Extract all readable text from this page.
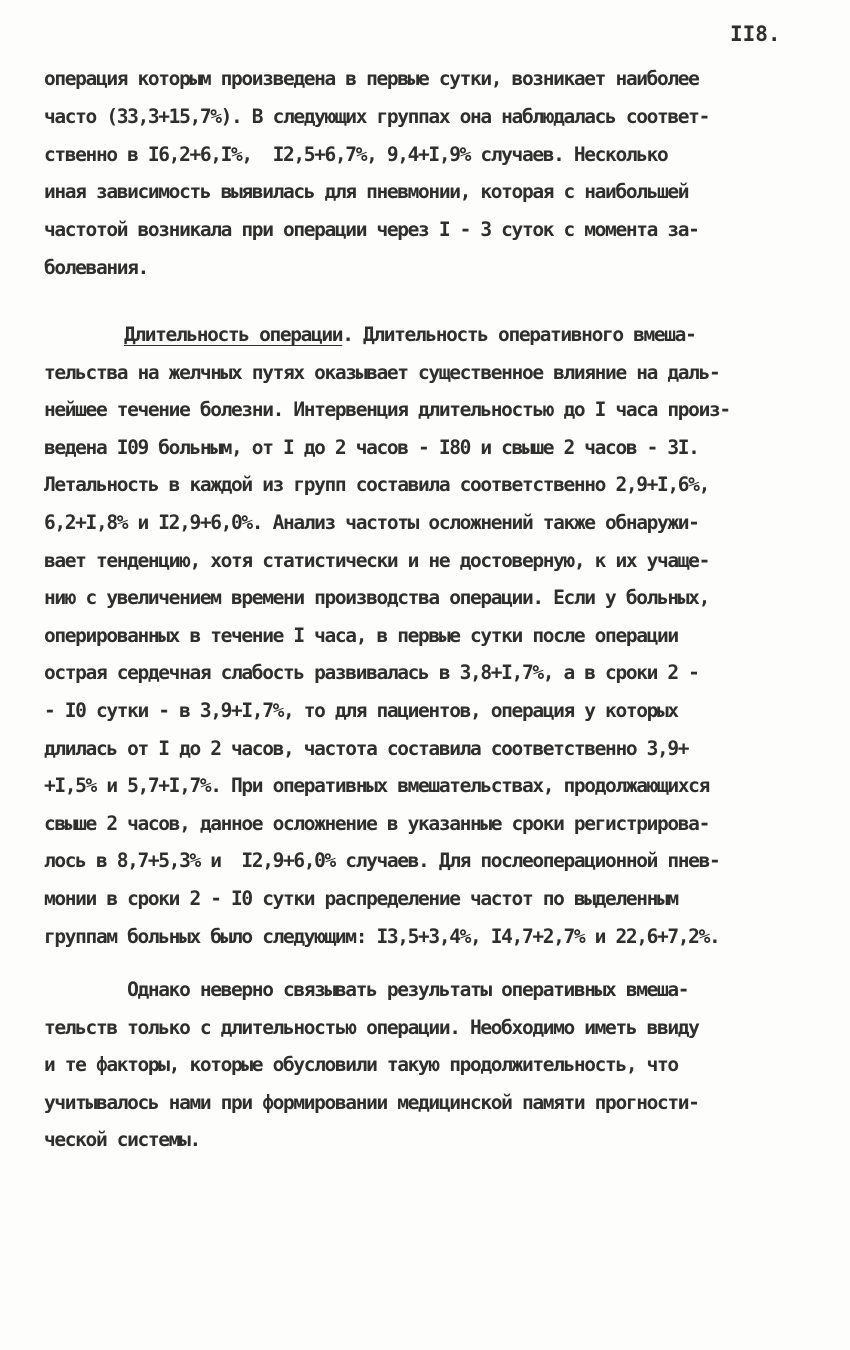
II8.
операция которым произведена в первые сутки, возникает наиболее
часто (33,3+15,7%). В следующих группах она наблюдалась соответ-
ственно в I6,2+6,I%,  I2,5+6,7%, 9,4+I,9% случаев. Несколько
иная зависимость выявилась для пневмонии, которая с наибольшей
частотой возникала при операции через I - 3 суток с момента за-
болевания.
Длительность операции. Длительность оперативного вмеша-
тельства на желчных путях оказывает существенное влияние на даль-
нейшее течение болезни. Интервенция длительностью до I часа произ-
ведена I09 больным, от I до 2 часов - I80 и свыше 2 часов - 3I.
Летальность в каждой из групп составила соответственно 2,9+I,6%,
6,2+I,8% и I2,9+6,0%. Анализ частоты осложнений также обнаружи-
вает тенденцию, хотя статистически и не достоверную, к их учаще-
нию с увеличением времени производства операции. Если у больных,
оперированных в течение I часа, в первые сутки после операции
острая сердечная слабость развивалась в 3,8+I,7%, а в сроки 2 -
- I0 сутки - в 3,9+I,7%, то для пациентов, операция у которых
длилась от I до 2 часов, частота составила соответственно 3,9+
+I,5% и 5,7+I,7%. При оперативных вмешательствах, продолжающихся
свыше 2 часов, данное осложнение в указанные сроки регистрирова-
лось в 8,7+5,3% и  I2,9+6,0% случаев. Для послеоперационной пнев-
монии в сроки 2 - I0 сутки распределение частот по выделенным
группам больных было следующим: I3,5+3,4%, I4,7+2,7% и 22,6+7,2%.
Однако неверно связывать результаты оперативных вмеша-
тельств только с длительностью операции. Необходимо иметь ввиду
и те факторы, которые обусловили такую продолжительность, что
учитывалось нами при формировании медицинской памяти прогности-
ческой системы.
